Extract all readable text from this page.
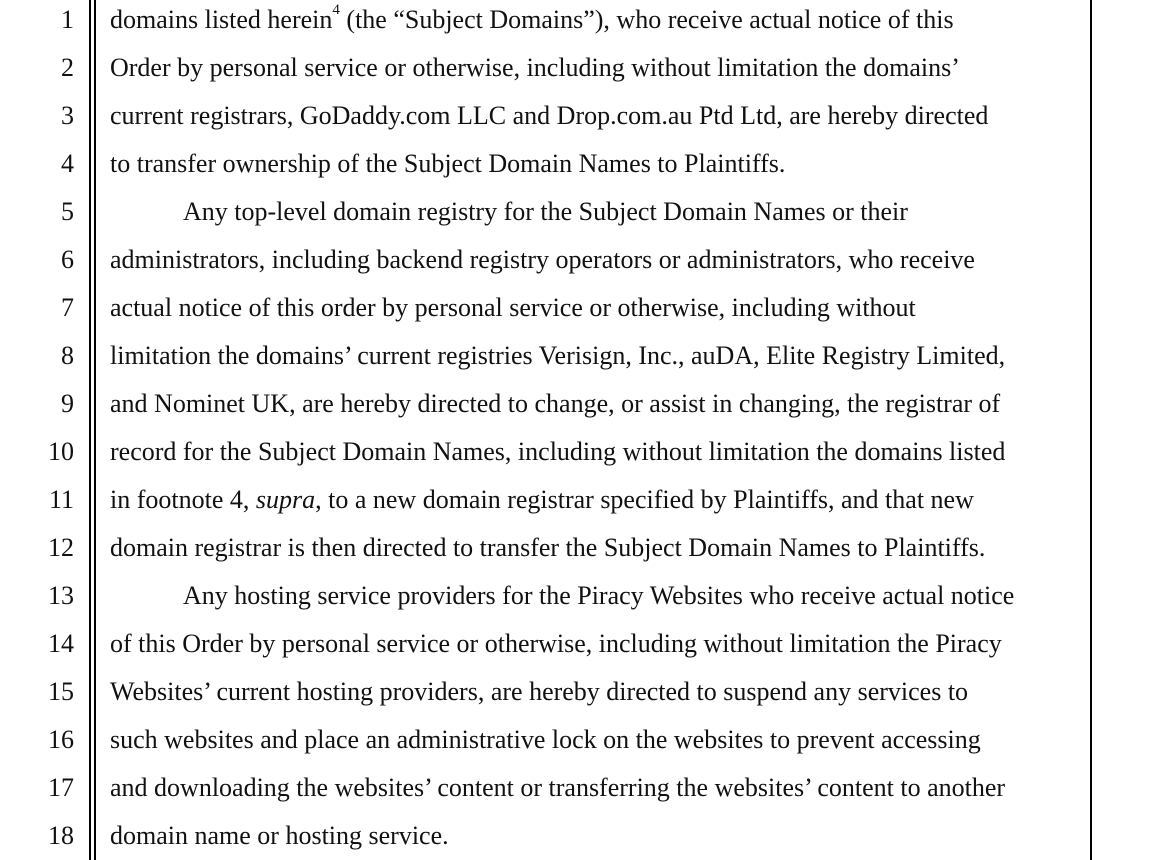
1
2
3
4
5
6
7
8
9
10
11
12
13
14
15
16
17
18
domains listed herein$^4$ (the “Subject Domains”), who receive actual notice of this
Order by personal service or otherwise, including without limitation the domains’
current registrars, GoDaddy.com LLC and Drop.com.au Ptd Ltd, are hereby directed
to transfer ownership of the Subject Domain Names to Plaintiffs.
Any top-level domain registry for the Subject Domain Names or their
administrators, including backend registry operators or administrators, who receive
actual notice of this order by personal service or otherwise, including without
limitation the domains’ current registries Verisign, Inc., auDA, Elite Registry Limited,
and Nominet UK, are hereby directed to change, or assist in changing, the registrar of
record for the Subject Domain Names, including without limitation the domains listed
in footnote 4, supra, to a new domain registrar specified by Plaintiffs, and that new
domain registrar is then directed to transfer the Subject Domain Names to Plaintiffs.
Any hosting service providers for the Piracy Websites who receive actual notice
of this Order by personal service or otherwise, including without limitation the Piracy
Websites’ current hosting providers, are hereby directed to suspend any services to
such websites and place an administrative lock on the websites to prevent accessing
and downloading the websites’ content or transferring the websites’ content to another
domain name or hosting service.
